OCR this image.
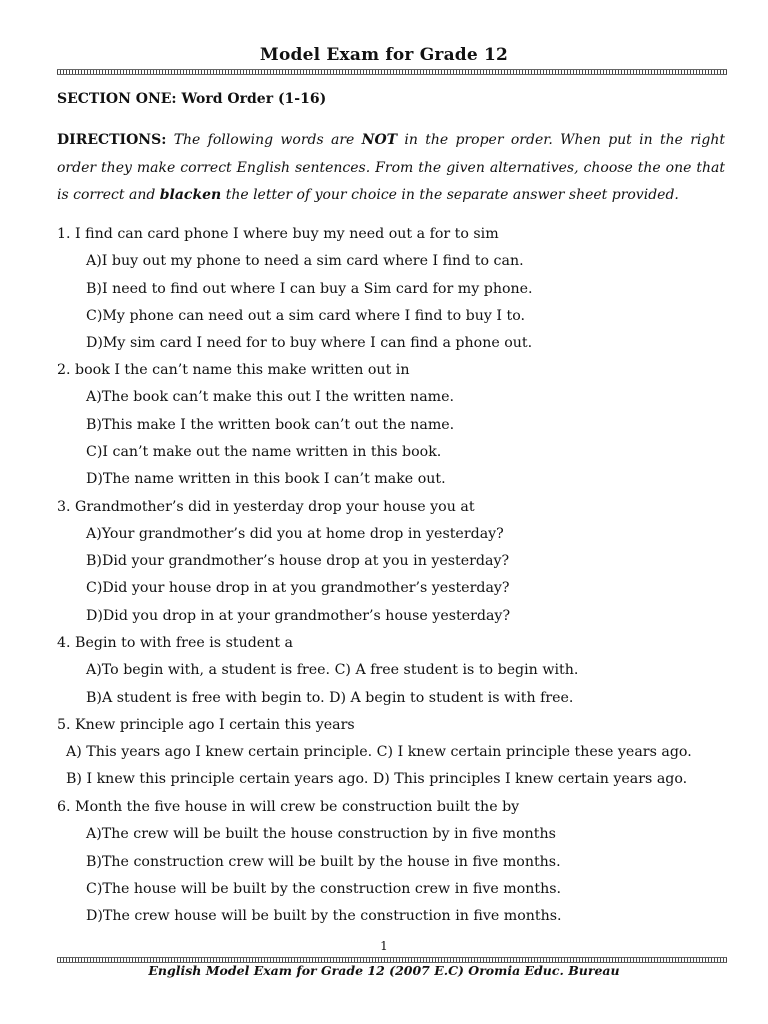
Model Exam for Grade 12
SECTION ONE: Word Order (1-16)
DIRECTIONS: The following words are NOT in the proper order. When put in the right order they make correct English sentences. From the given alternatives, choose the one that is correct and blacken the letter of your choice in the separate answer sheet provided.
1. I find can card phone I where buy my need out a for to sim
A)I buy out my phone to need a sim card where I find to can.
B)I need to find out where I can buy a Sim card for my phone.
C)My phone can need out a sim card where I find to buy I to.
D)My sim card I need for to buy where I can find a phone out.
2. book I the can’t name this make written out in
A)The book can’t make this out I the written name.
B)This make I the written book can’t out the name.
C)I can’t make out the name written in this book.
D)The name written in this book I can’t make out.
3. Grandmother’s did in yesterday drop your house you at
A)Your grandmother’s did you at home drop in yesterday?
B)Did your grandmother’s house drop at you in yesterday?
C)Did your house drop in at you grandmother’s yesterday?
D)Did you drop in at your grandmother’s house yesterday?
4. Begin to with free is student a
A)To begin with, a student is free. C) A free student is to begin with.
B)A student is free with begin to. D) A begin to student is with free.
5. Knew principle ago I certain this years
A) This years ago I knew certain principle. C) I knew certain principle these years ago.
B) I knew this principle certain years ago. D) This principles I knew certain years ago.
6. Month the five house in will crew be construction built the by
A)The crew will be built the house construction by in five months
B)The construction crew will be built by the house in five months.
C)The house will be built by the construction crew in five months.
D)The crew house will be built by the construction in five months.
1
English Model Exam for Grade 12 (2007 E.C) Oromia Educ. Bureau
